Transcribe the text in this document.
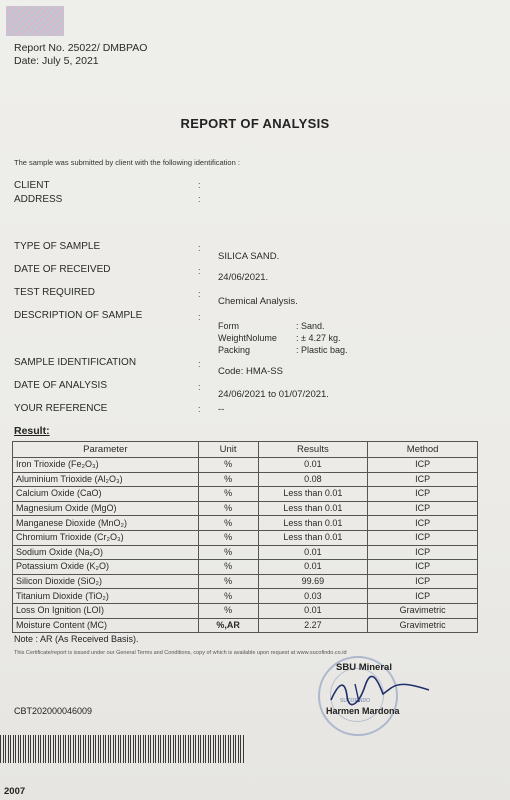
Report No. 25022/ DMBPAO
Date: July 5, 2021
REPORT OF ANALYSIS
The sample was submitted by client with the following identification :
CLIENT	:
ADDRESS	:
TYPE OF SAMPLE	:
SILICA SAND.
DATE OF RECEIVED	:
24/06/2021.
TEST REQUIRED	:
Chemical Analysis.
DESCRIPTION OF SAMPLE	:
Form	: Sand.
WeightNolume	: ± 4.27 kg.
Packing	: Plastic bag.
SAMPLE IDENTIFICATION	:
Code: HMA-SS
DATE OF ANALYSIS	:
24/06/2021 to 01/07/2021.
YOUR REFERENCE	: --
Result:
Parameter	Unit	Results	Method
Iron Trioxide (Fe₂O₃)	%	0.01	ICP
Aluminium Trioxide (Al₂O₃)	%	0.08	ICP
Calcium Oxide (CaO)	%	Less than 0.01	ICP
Magnesium Oxide (MgO)	%	Less than 0.01	ICP
Manganese Dioxide (MnO₂)	%	Less than 0.01	ICP
Chromium Trioxide (Cr₂O₃)	%	Less than 0.01	ICP
Sodium Oxide (Na₂O)	%	0.01	ICP
Potassium Oxide (K₂O)	%	0.01	ICP
Silicon Dioxide (SiO₂)	%	99.69	ICP
Titanium Dioxide (TiO₂)	%	0.03	ICP
Loss On Ignition (LOI)	%	0.01	Gravimetric
Moisture Content (MC)	%,AR	2.27	Gravimetric
Note : AR (As Received Basis).
This Certificate/report is issued under our General Terms and Conditions, copy of which is available upon request at www.sucofindo.co.id
SUCOFINDO
SBU Mineral
Harmen Mardona
CBT202000046009
2007
